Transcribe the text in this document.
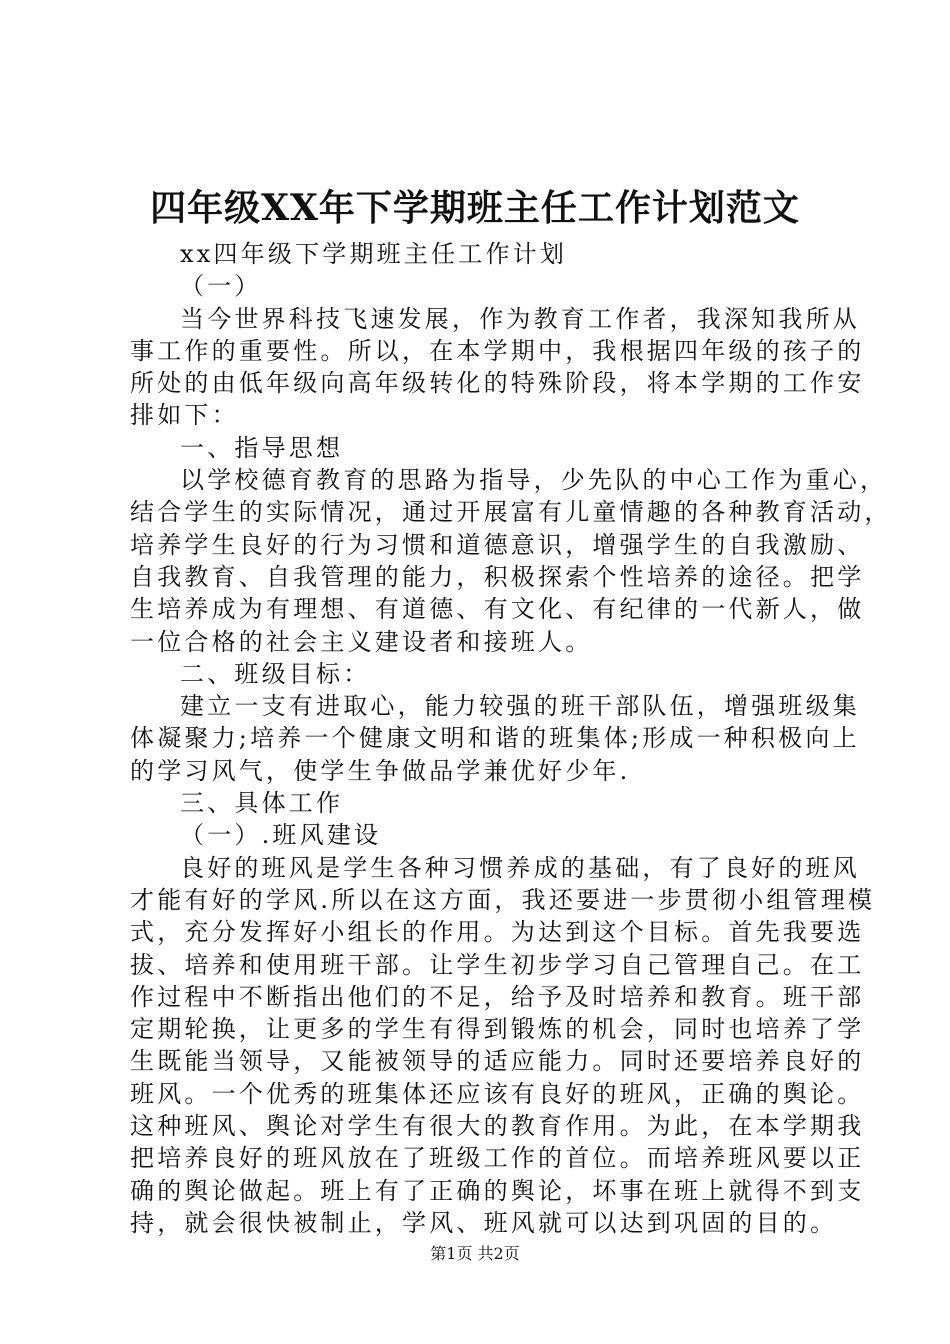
四年级XX年下学期班主任工作计划范文
xx四年级下学期班主任工作计划
（一）
当今世界科技飞速发展，作为教育工作者，我深知我所从
事工作的重要性。所以，在本学期中，我根据四年级的孩子的
所处的由低年级向高年级转化的特殊阶段，将本学期的工作安
排如下：
一、指导思想
以学校德育教育的思路为指导，少先队的中心工作为重心，
结合学生的实际情况，通过开展富有儿童情趣的各种教育活动，
培养学生良好的行为习惯和道德意识，增强学生的自我激励、
自我教育、自我管理的能力，积极探索个性培养的途径。把学
生培养成为有理想、有道德、有文化、有纪律的一代新人，做
一位合格的社会主义建设者和接班人。
二、班级目标：
建立一支有进取心，能力较强的班干部队伍，增强班级集
体凝聚力;培养一个健康文明和谐的班集体;形成一种积极向上
的学习风气，使学生争做品学兼优好少年.
三、具体工作
（一）.班风建设
良好的班风是学生各种习惯养成的基础，有了良好的班风
才能有好的学风.所以在这方面，我还要进一步贯彻小组管理模
式，充分发挥好小组长的作用。为达到这个目标。首先我要选
拔、培养和使用班干部。让学生初步学习自己管理自己。在工
作过程中不断指出他们的不足，给予及时培养和教育。班干部
定期轮换，让更多的学生有得到锻炼的机会，同时也培养了学
生既能当领导，又能被领导的适应能力。同时还要培养良好的
班风。一个优秀的班集体还应该有良好的班风，正确的舆论。
这种班风、舆论对学生有很大的教育作用。为此，在本学期我
把培养良好的班风放在了班级工作的首位。而培养班风要以正
确的舆论做起。班上有了正确的舆论，坏事在班上就得不到支
持，就会很快被制止，学风、班风就可以达到巩固的目的。
第1页 共2页
